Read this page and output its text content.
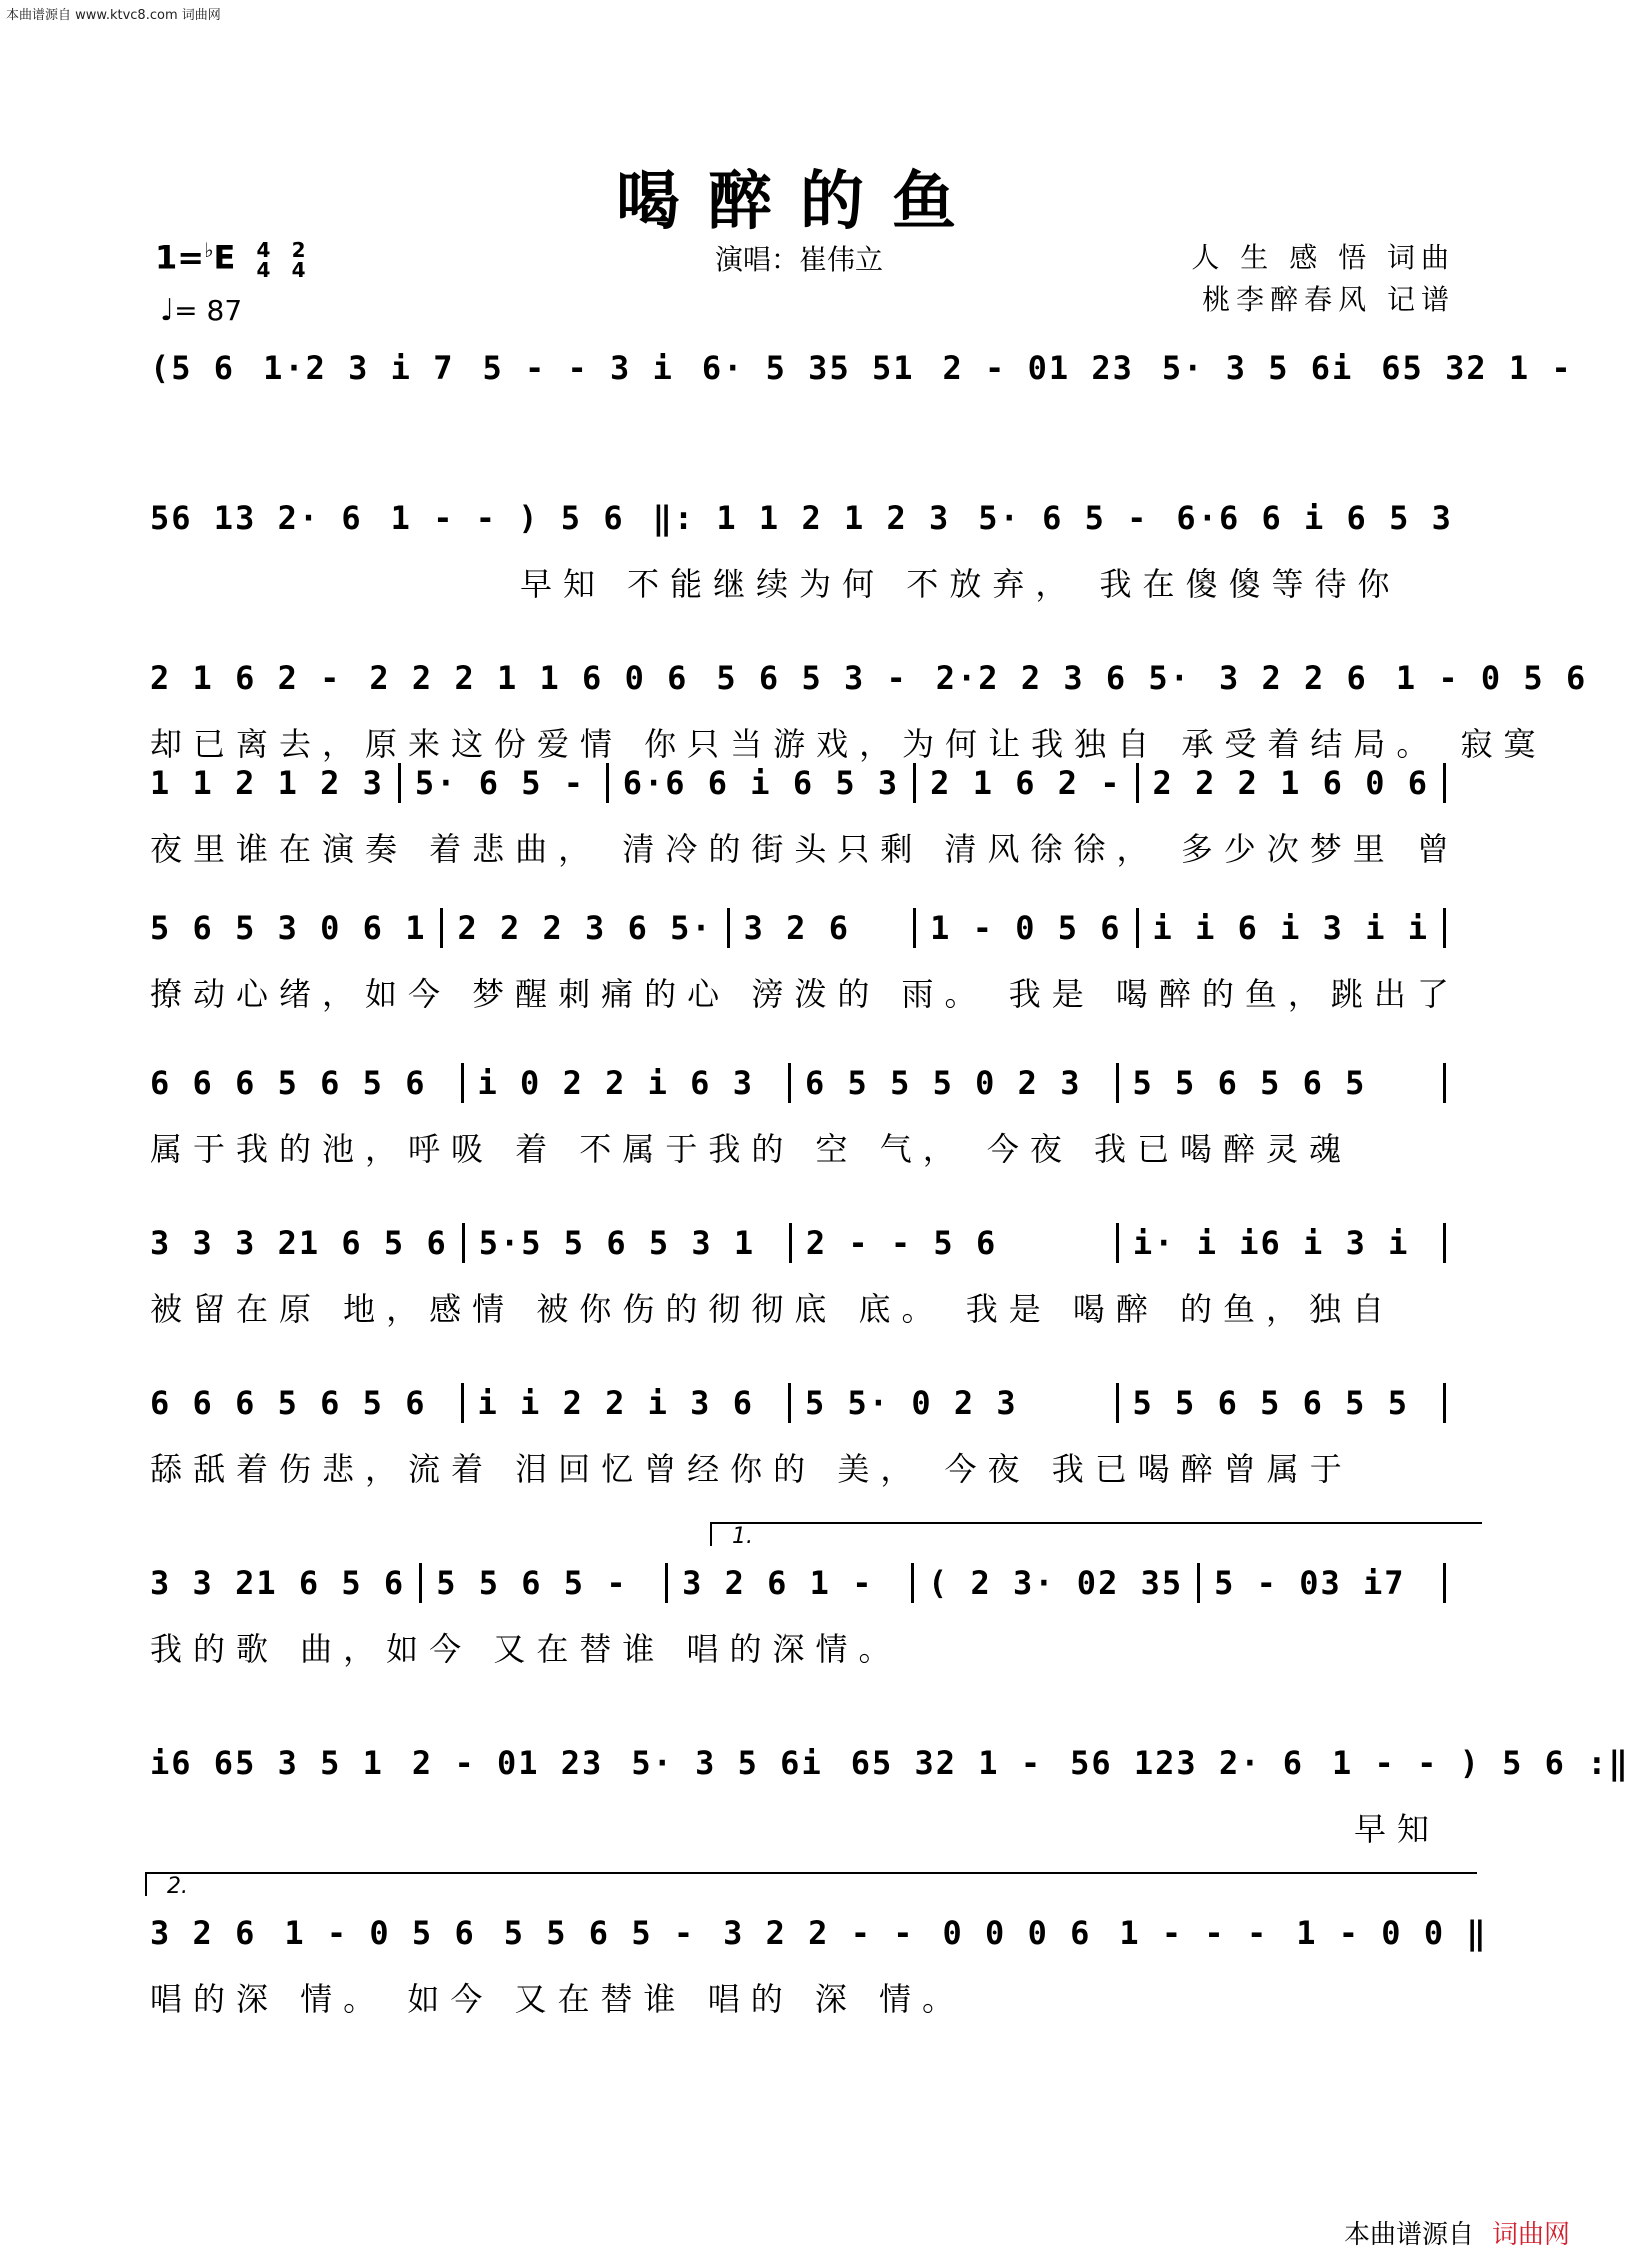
本曲谱源自 www.ktvc8.com 词曲网
喝醉的鱼
1=♭E 4
4 2
4
♩= 87
演唱：崔伟立	人 生 感 悟 词曲
桃李醉春风 记谱
(5 6 1·2 3 i 7 5 - - 3 i 6· 5 35 51 2 - 01 23 5· 3 5 6i 65 32 1 -
56 13 2· 6 1 - - ) 5 6 ‖: 1 1 2 1 2 3 5· 6 5 - 6·6 6 i 6 5 3
早知 不能继续为何 不放弃， 我在傻傻等待你
2 1 6 2 - 2 2 2 1 1 6 0 6 5 6 5 3 - 2·2 2 3 6 5· 3 2 2 6 1 - 0 5 6
却已离去，原来这份爱情 你只当游戏，为何让我独自 承受着结局。 寂寞
1 1 2 1 2 3 5· 6 5 - 6·6 6 i 6 5 3 2 1 6 2 - 2 2 2 1 6 0 6
夜里谁在演奏 着悲曲， 清冷的街头只剩 清风徐徐， 多少次梦里 曾
5 6 5 3 0 6 1 2 2 2 3 6 5· 3 2 6	1 - 0 5 6 i i 6 i 3 i i
撩动心绪，如今 梦醒刺痛的心 滂泼的 雨。 我是 喝醉的鱼，跳出了
6 6 6 5 6 5 6	i 0 2 2 i 6 3	6 5 5 5 0 2 3	5 5 6 5 6 5
属于我的池，呼吸 着 不属于我的 空 气， 今夜 我已喝醉灵魂
3 3 3 21 6 5 6 5·5 5 6 5 3 1	2 - - 5 6	i· i i6 i 3 i
被留在原 地，感情 被你伤的彻彻底 底。 我是 喝醉 的鱼，独自
6 6 6 5 6 5 6	i i 2 2 i 3 6	5 5· 0 2 3	5 5 6 5 6 5 5
舔舐着伤悲，流着 泪回忆曾经你的 美， 今夜 我已喝醉曾属于
1.
3 3 21 6 5 6 5 5 6 5 -	3 2 6 1 -	( 2 3· 02 35 5 - 03 i7
我的歌 曲，如今 又在替谁 唱的深情。
i6 65 3 5 1 2 - 01 23 5· 3 5 6i 65 32 1 - 56 123 2· 6 1 - - ) 5 6 :‖
早知
2.
3 2 6 1 - 0 5 6 5 5 6 5 - 3 2 2 - - 0 0 0 6 1 - - - 1 - 0 0 ‖
唱的深 情。 如今 又在替谁 唱的 深 情。
本曲谱源自 词曲网
